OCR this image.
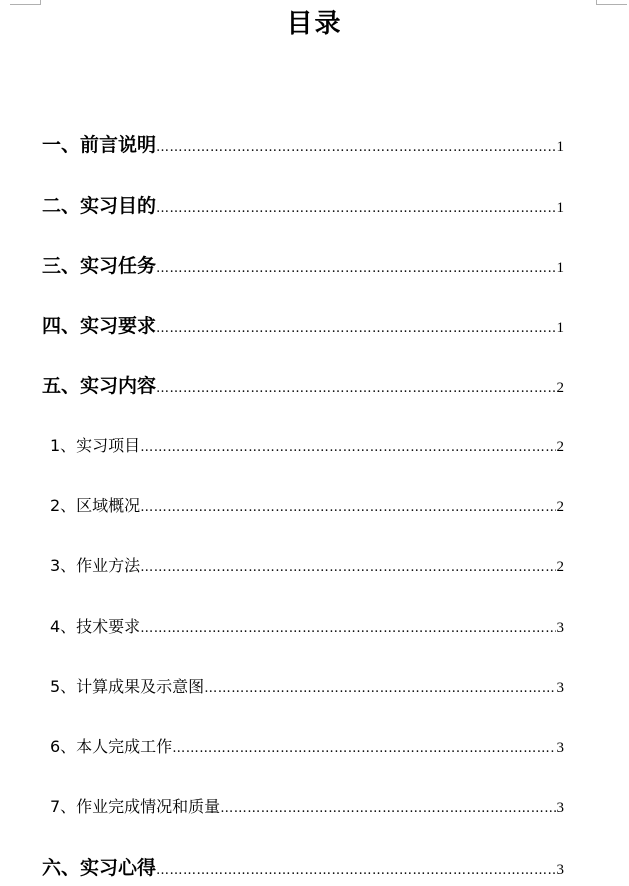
目录
一、前言说明 ……………………………………………………………………………………………………………………………………………………………………………………………………	1
二、实习目的 ……………………………………………………………………………………………………………………………………………………………………………………………………	1
三、实习任务 ……………………………………………………………………………………………………………………………………………………………………………………………………	1
四、实习要求 ……………………………………………………………………………………………………………………………………………………………………………………………………	1
五、实习内容 ……………………………………………………………………………………………………………………………………………………………………………………………………	2
1、实习项目 ……………………………………………………………………………………………………………………………………………………………………………………………………	2
2、区域概况 ……………………………………………………………………………………………………………………………………………………………………………………………………	2
3、作业方法 ……………………………………………………………………………………………………………………………………………………………………………………………………	2
4、技术要求 ……………………………………………………………………………………………………………………………………………………………………………………………………	3
5、计算成果及示意图 ……………………………………………………………………………………………………………………………………………………………………………………………………	3
6、本人完成工作 ……………………………………………………………………………………………………………………………………………………………………………………………………	3
7、作业完成情况和质量 ……………………………………………………………………………………………………………………………………………………………………………………………………	3
六、实习心得 ……………………………………………………………………………………………………………………………………………………………………………………………………	3
